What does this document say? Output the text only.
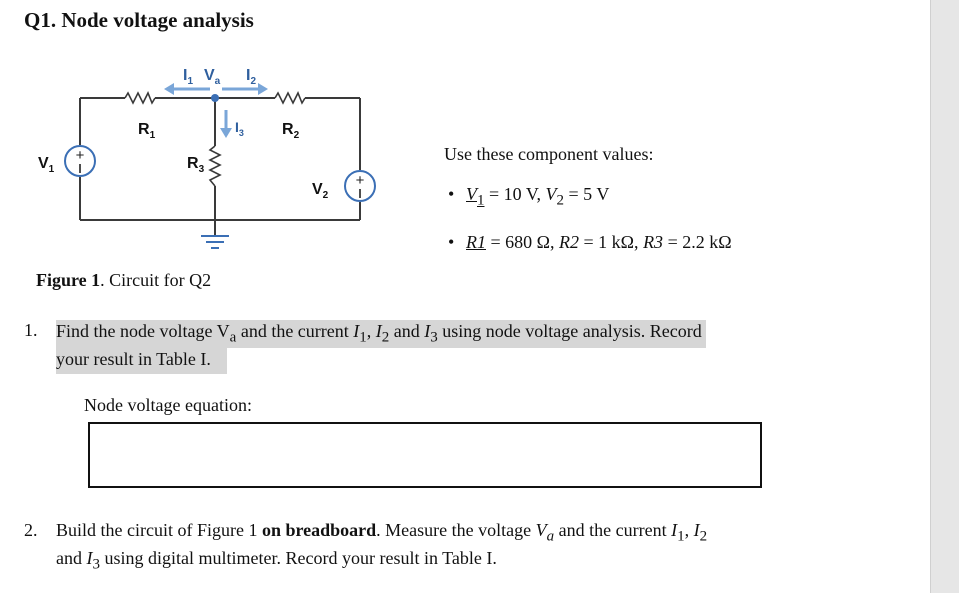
Q1. Node voltage analysis
+
+
$I_1$ $V_a$ $I_2$
$I_3$
$R_1$	$R_2$
$R_3$
$V_1$
$V_2$
Figure 1. Circuit for Q2
Use these component values:
• $V_1 = 10$ V, $V_2 = 5$ V
• R1 = 680 Ω, R2 = 1 kΩ, R3 = 2.2 kΩ
1. Find the node voltage $V_a$ and the current $I_1$, $I_2$ and $I_3$ using node voltage analysis. Record
your result in Table I.
Node voltage equation:
2. Build the circuit of Figure 1 on breadboard. Measure the voltage $V_a$ and the current $I_1$, $I_2$
and $I_3$ using digital multimeter. Record your result in Table I.
